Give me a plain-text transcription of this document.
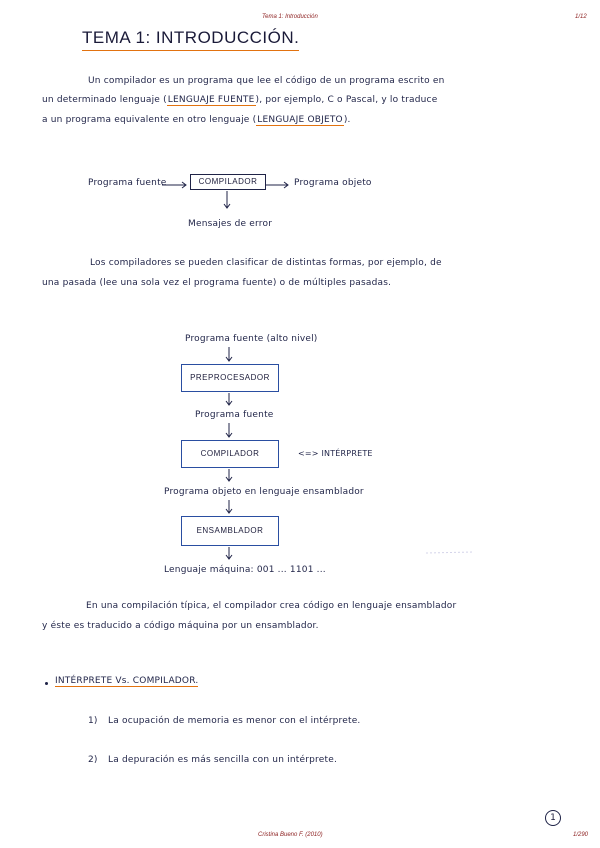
Tema 1: Introducción	1/12
TEMA 1: INTRODUCCIÓN.
Un compilador es un programa que lee el código de un programa escrito en
un determinado lenguaje (LENGUAJE FUENTE), por ejemplo, C o Pascal, y lo traduce
a un programa equivalente en otro lenguaje (LENGUAJE OBJETO).
Programa fuente	COMPILADOR	Programa objeto
Mensajes de error
Los compiladores se pueden clasificar de distintas formas, por ejemplo, de
una pasada (lee una sola vez el programa fuente) o de múltiples pasadas.
Programa fuente (alto nivel)
PREPROCESADOR
Programa fuente
COMPILADOR	<=> INTÉRPRETE
Programa objeto en lenguaje ensamblador
ENSAMBLADOR
Lenguaje máquina: 001 ... 1101 ...
En una compilación típica, el compilador crea código en lenguaje ensamblador
y éste es traducido a código máquina por un ensamblador.
INTÉRPRETE Vs. COMPILADOR.
1) La ocupación de memoria es menor con el intérprete.
2) La depuración es más sencilla con un intérprete.
1
Cristina Bueno F. (2010)	1/290
